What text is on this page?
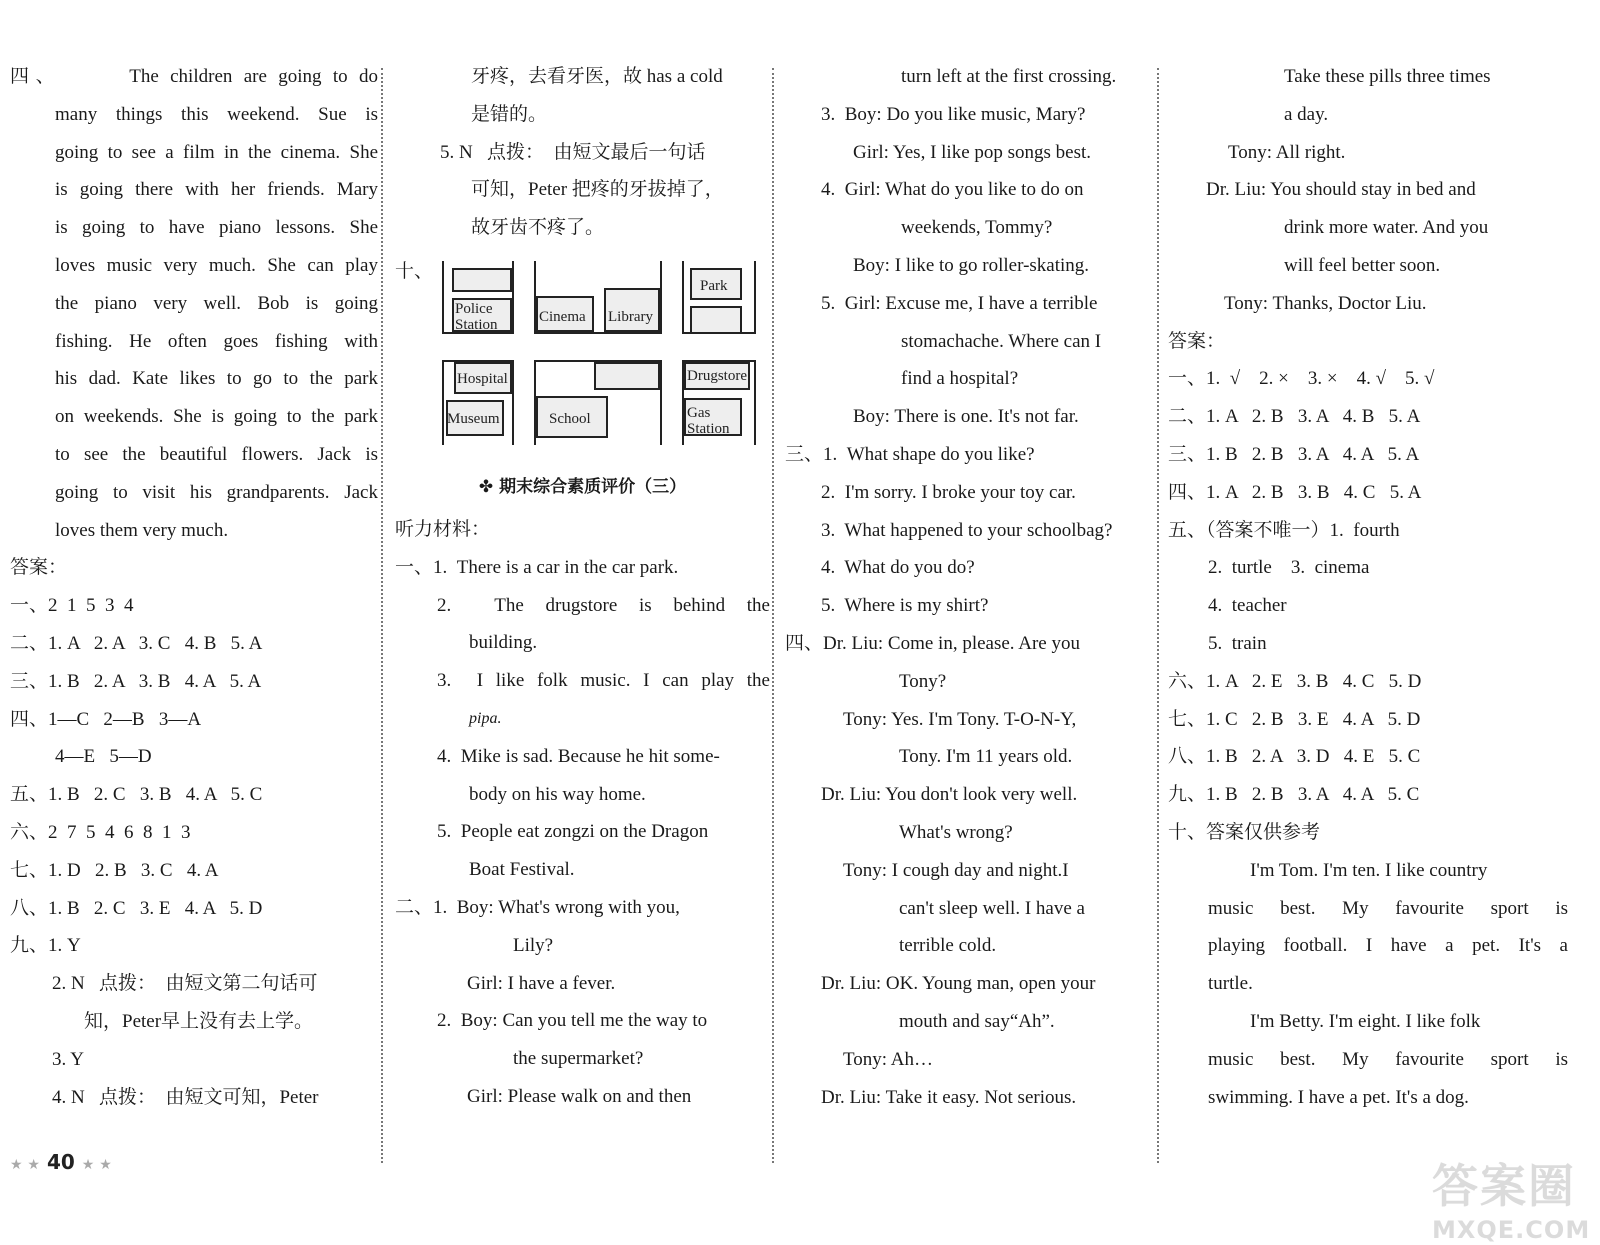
四、      The children are going to do
many things this weekend. Sue is
going to see a film in the cinema. She
is going there with her friends. Mary
is going to have piano lessons. She
loves music very much. She can play
the piano very well. Bob is going
fishing. He often goes fishing with
his dad. Kate likes to go to the park
on weekends. She is going to the park
to see the beautiful flowers. Jack is
going to visit his grandparents. Jack
loves them very much.
答案：
一、2  1  5  3  4
二、1. A   2. A   3. C   4. B   5. A
三、1. B   2. A   3. B   4. A   5. A
四、1—C   2—B   3—A
4—E   5—D
五、1. B   2. C   3. B   4. A   5. C
六、2  7  5  4  6  8  1  3
七、1. D   2. B   3. C   4. A
八、1. B   2. C   3. E   4. A   5. D
九、1. Y
2. N   点拨：  由短文第二句话可
知，Peter早上没有去上学。
3. Y
4. N   点拨：  由短文可知，Peter
牙疼，去看牙医，故 has a cold
是错的。
5. N   点拨：  由短文最后一句话
可知，Peter 把疼的牙拔掉了，
故牙齿不疼了。
十、
Police
Station	Cinema Library
Park
Hospital
Museum	School
Drugstore
Gas
Station
✤ 期末综合素质评价（三）
听力材料：
一、1.  There is a car in the car park.
2.  The drugstore is behind the
building.
3.  I like folk music. I can play the
pipa.
4.  Mike is sad. Because he hit some-
body on his way home.
5.  People eat zongzi on the Dragon
Boat Festival.
二、1.  Boy: What's wrong with you,
Lily?
Girl: I have a fever.
2.  Boy: Can you tell me the way to
the supermarket?
Girl: Please walk on and then
turn left at the first crossing.
3.  Boy: Do you like music, Mary?
Girl: Yes, I like pop songs best.
4.  Girl: What do you like to do on
weekends, Tommy?
Boy: I like to go roller-skating.
5.  Girl: Excuse me, I have a terrible
stomachache. Where can I
find a hospital?
Boy: There is one. It's not far.
三、1.  What shape do you like?
2.  I'm sorry. I broke your toy car.
3.  What happened to your schoolbag?
4.  What do you do?
5.  Where is my shirt?
四、Dr. Liu: Come in, please. Are you
Tony?
Tony: Yes. I'm Tony. T-O-N-Y,
Tony. I'm 11 years old.
Dr. Liu: You don't look very well.
What's wrong?
Tony: I cough day and night.I
can't sleep well. I have a
terrible cold.
Dr. Liu: OK. Young man, open your
mouth and say“Ah”.
Tony: Ah…
Dr. Liu: Take it easy. Not serious.
Take these pills three times
a day.
Tony: All right.
Dr. Liu: You should stay in bed and
drink more water. And you
will feel better soon.
Tony: Thanks, Doctor Liu.
答案：
一、1.  √    2. ×    3. ×    4. √    5. √
二、1. A   2. B   3. A   4. B   5. A
三、1. B   2. B   3. A   4. A   5. A
四、1. A   2. B   3. B   4. C   5. A
五、（答案不唯一）1.  fourth
2.  turtle    3.  cinema
4.  teacher
5.  train
六、1. A   2. E   3. B   4. C   5. D
七、1. C   2. B   3. E   4. A   5. D
八、1. B   2. A   3. D   4. E   5. C
九、1. B   2. B   3. A   4. A   5. C
十、答案仅供参考
I'm Tom. I'm ten. I like country
music best. My favourite sport is
playing football. I have a pet. It's a
turtle.
I'm Betty. I'm eight. I like folk
music best. My favourite sport is
swimming. I have a pet. It's a dog.
★ ★ 40 ★ ★	答案圈
MXQE.COM
